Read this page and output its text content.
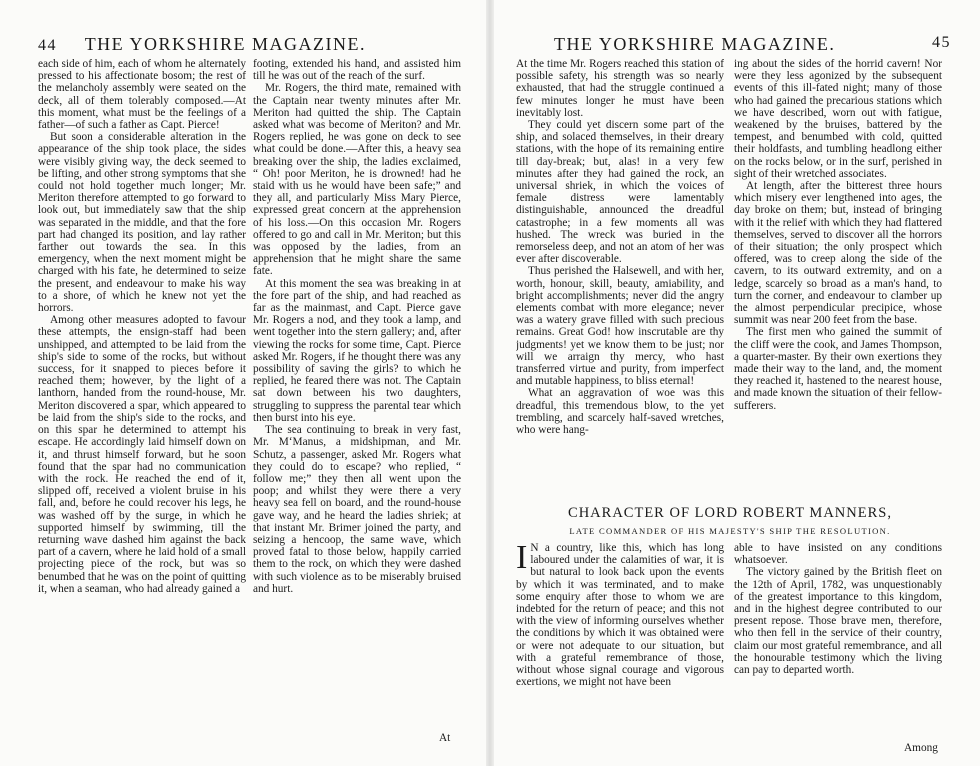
44 THE YORKSHIRE MAGAZINE.

each side of him, each of whom he alternately pressed to his affectionate bosom; the rest of the melancholy assembly were seated on the deck, all of them tolerably composed.—At this moment, what must be the feelings of a father—of such a father as Capt. Pierce!

But soon a considerable alteration in the appearance of the ship took place, the sides were visibly giving way, the deck seemed to be lifting, and other strong symptoms that she could not hold together much longer; Mr. Meriton therefore attempted to go forward to look out, but immediately saw that the ship was separated in the middle, and that the fore part had changed its position, and lay rather farther out towards the sea. In this emergency, when the next moment might be charged with his fate, he determined to seize the present, and endeavour to make his way to a shore, of which he knew not yet the horrors.

Among other measures adopted to favour these attempts, the ensign-staff had been unshipped, and attempted to be laid from the ship's side to some of the rocks, but without success, for it snapped to pieces before it reached them; however, by the light of a lanthorn, handed from the round-house, Mr. Meriton discovered a spar, which appeared to be laid from the ship's side to the rocks, and on this spar he determined to attempt his escape. He accordingly laid himself down on it, and thrust himself forward, but he soon found that the spar had no communication with the rock. He reached the end of it, slipped off, received a violent bruise in his fall, and, before he could recover his legs, he was washed off by the surge, in which he supported himself by swimming, till the returning wave dashed him against the back part of a cavern, where he laid hold of a small projecting piece of the rock, but was so benumbed that he was on the point of quitting it, when a seaman, who had already gained a

footing, extended his hand, and assisted him till he was out of the reach of the surf.

Mr. Rogers, the third mate, remained with the Captain near twenty minutes after Mr. Meriton had quitted the ship. The Captain asked what was become of Meriton? and Mr. Rogers replied, he was gone on deck to see what could be done.—After this, a heavy sea breaking over the ship, the ladies exclaimed, “ Oh! poor Meriton, he is drowned! had he staid with us he would have been safe;” and they all, and particularly Miss Mary Pierce, expressed great concern at the apprehension of his loss.—On this occasion Mr. Rogers offered to go and call in Mr. Meriton; but this was opposed by the ladies, from an apprehension that he might share the same fate.

At this moment the sea was breaking in at the fore part of the ship, and had reached as far as the mainmast, and Capt. Pierce gave Mr. Rogers a nod, and they took a lamp, and went together into the stern gallery; and, after viewing the rocks for some time, Capt. Pierce asked Mr. Rogers, if he thought there was any possibility of saving the girls? to which he replied, he feared there was not. The Captain sat down between his two daughters, struggling to suppress the parental tear which then burst into his eye.

The sea continuing to break in very fast, Mr. M‘Manus, a midshipman, and Mr. Schutz, a passenger, asked Mr. Rogers what they could do to escape? who replied, “ follow me;” they then all went upon the poop; and whilst they were there a very heavy sea fell on board, and the round-house gave way, and he heard the ladies shriek; at that instant Mr. Brimer joined the party, and seizing a hencoop, the same wave, which proved fatal to those below, happily carried them to the rock, on which they were dashed with such violence as to be miserably bruised and hurt.

At
THE YORKSHIRE MAGAZINE.	45

At the time Mr. Rogers reached this station of possible safety, his strength was so nearly exhausted, that had the struggle continued a few minutes longer he must have been inevitably lost.

They could yet discern some part of the ship, and solaced themselves, in their dreary stations, with the hope of its remaining entire till day-break; but, alas! in a very few minutes after they had gained the rock, an universal shriek, in which the voices of female distress were lamentably distinguishable, announced the dreadful catastrophe; in a few moments all was hushed. The wreck was buried in the remorseless deep, and not an atom of her was ever after discoverable.

Thus perished the Halsewell, and with her, worth, honour, skill, beauty, amiability, and bright accomplishments; never did the angry elements combat with more elegance; never was a watery grave filled with such precious remains. Great God! how inscrutable are thy judgments! yet we know them to be just; nor will we arraign thy mercy, who hast transferred virtue and purity, from imperfect and mutable happiness, to bliss eternal!

What an aggravation of woe was this dreadful, this tremendous blow, to the yet trembling, and scarcely half-saved wretches, who were hang-

ing about the sides of the horrid cavern! Nor were they less agonized by the subsequent events of this ill-fated night; many of those who had gained the precarious stations which we have described, worn out with fatigue, weakened by the bruises, battered by the tempest, and benumbed with cold, quitted their holdfasts, and tumbling headlong either on the rocks below, or in the surf, perished in sight of their wretched associates.

At length, after the bitterest three hours which misery ever lengthened into ages, the day broke on them; but, instead of bringing with it the relief with which they had flattered themselves, served to discover all the horrors of their situation; the only prospect which offered, was to creep along the side of the cavern, to its outward extremity, and on a ledge, scarcely so broad as a man's hand, to turn the corner, and endeavour to clamber up the almost perpendicular precipice, whose summit was near 200 feet from the base.

The first men who gained the summit of the cliff were the cook, and James Thompson, a quarter-master. By their own exertions they made their way to the land, and, the moment they reached it, hastened to the nearest house, and made known the situation of their fellow-sufferers.

CHARACTER OF LORD ROBERT MANNERS,
LATE COMMANDER OF HIS MAJESTY'S SHIP THE RESOLUTION.

I N a country, like this, which has long laboured under the calamities of war, it is but natural to look back upon the events by which it was terminated, and to make some enquiry after those to whom we are indebted for the return of peace; and this not with the view of informing ourselves whether the conditions by which it was obtained were or were not adequate to our situation, but with a grateful remembrance of those, without whose signal courage and vigorous exertions, we might not have been

able to have insisted on any conditions whatsoever.

The victory gained by the British fleet on the 12th of April, 1782, was unquestionably of the greatest importance to this kingdom, and in the highest degree contributed to our present repose. Those brave men, therefore, who then fell in the service of their country, claim our most grateful remembrance, and all the honourable testimony which the living can pay to departed worth.

Among
